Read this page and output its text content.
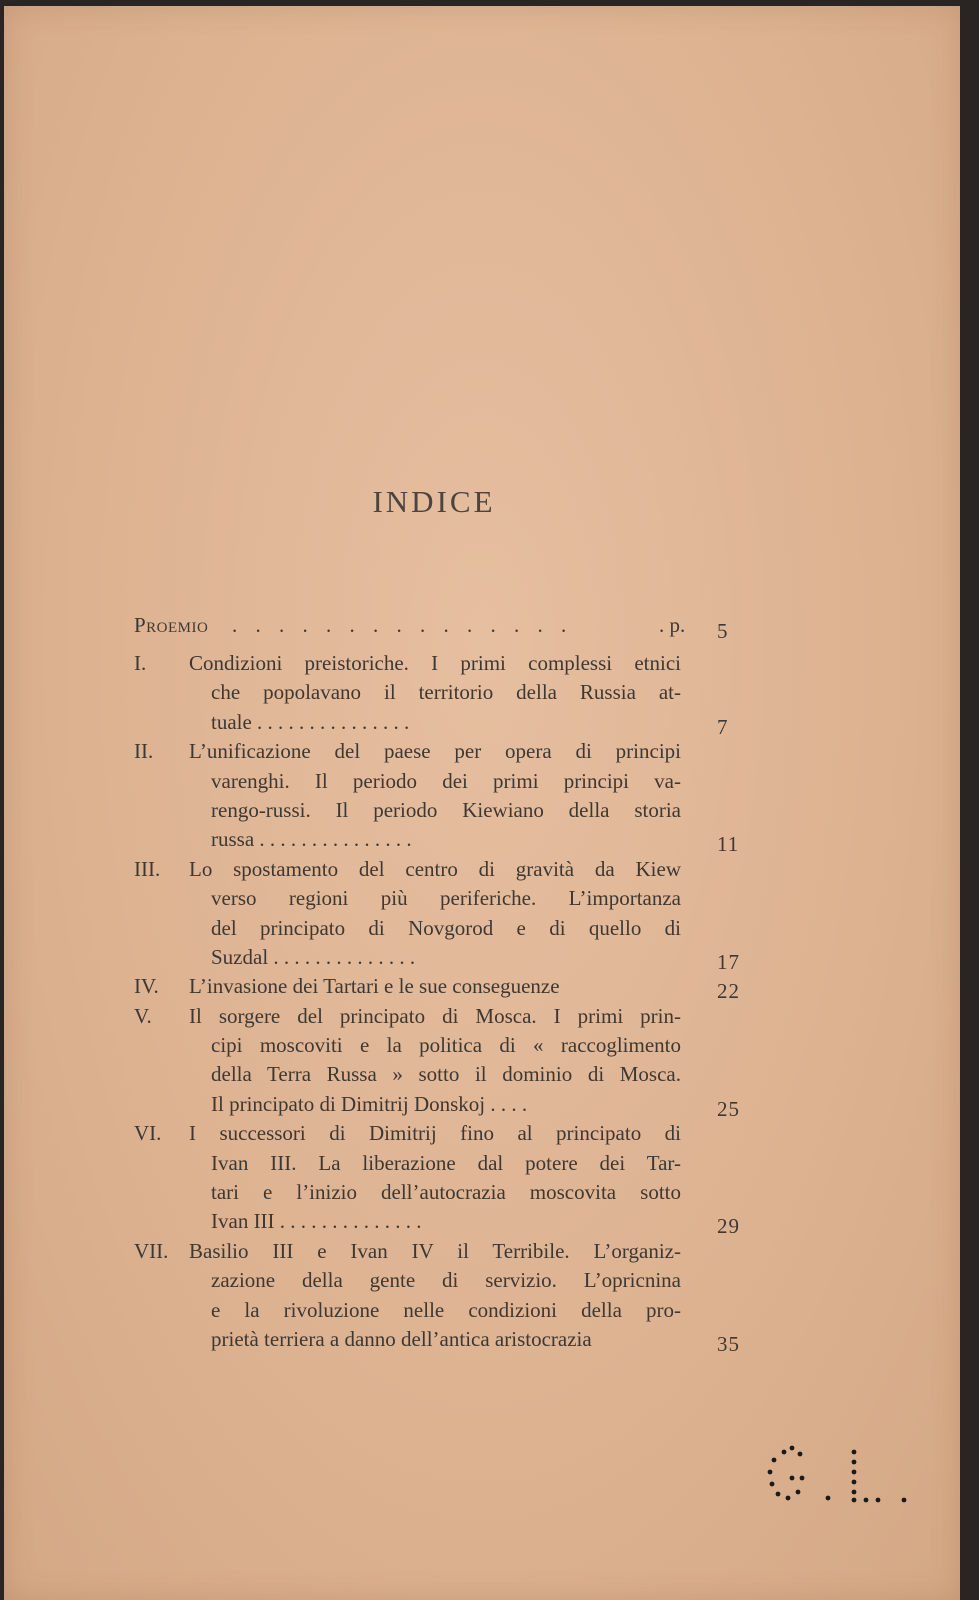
INDICE
Proemio . . . . . . . . . . . . . . .	. p. 5
I. Condizioni preistoriche. I primi complessi etnici
che popolavano il territorio della Russia at-
tuale . . . . . . . . . . . . . . .	7
II. L’unificazione del paese per opera di principi
varenghi. Il periodo dei primi principi va-
rengo-russi. Il periodo Kiewiano della storia
russa . . . . . . . . . . . . . . .	11
III. Lo spostamento del centro di gravità da Kiew
verso regioni più periferiche. L’importanza
del principato di Novgorod e di quello di
Suzdal . . . . . . . . . . . . . .	17
IV. L’invasione dei Tartari e le sue conseguenze	22
V. Il sorgere del principato di Mosca. I primi prin-
cipi moscoviti e la politica di « raccoglimento
della Terra Russa » sotto il dominio di Mosca.
Il principato di Dimitrij Donskoj . . . .	25
VI. I successori di Dimitrij fino al principato di
Ivan III. La liberazione dal potere dei Tar-
tari e l’inizio dell’autocrazia moscovita sotto
Ivan III . . . . . . . . . . . . . .	29
VII. Basilio III e Ivan IV il Terribile. L’organiz-
zazione della gente di servizio. L’opricnina
e la rivoluzione nelle condizioni della pro-
prietà terriera a danno dell’antica aristocrazia	35
